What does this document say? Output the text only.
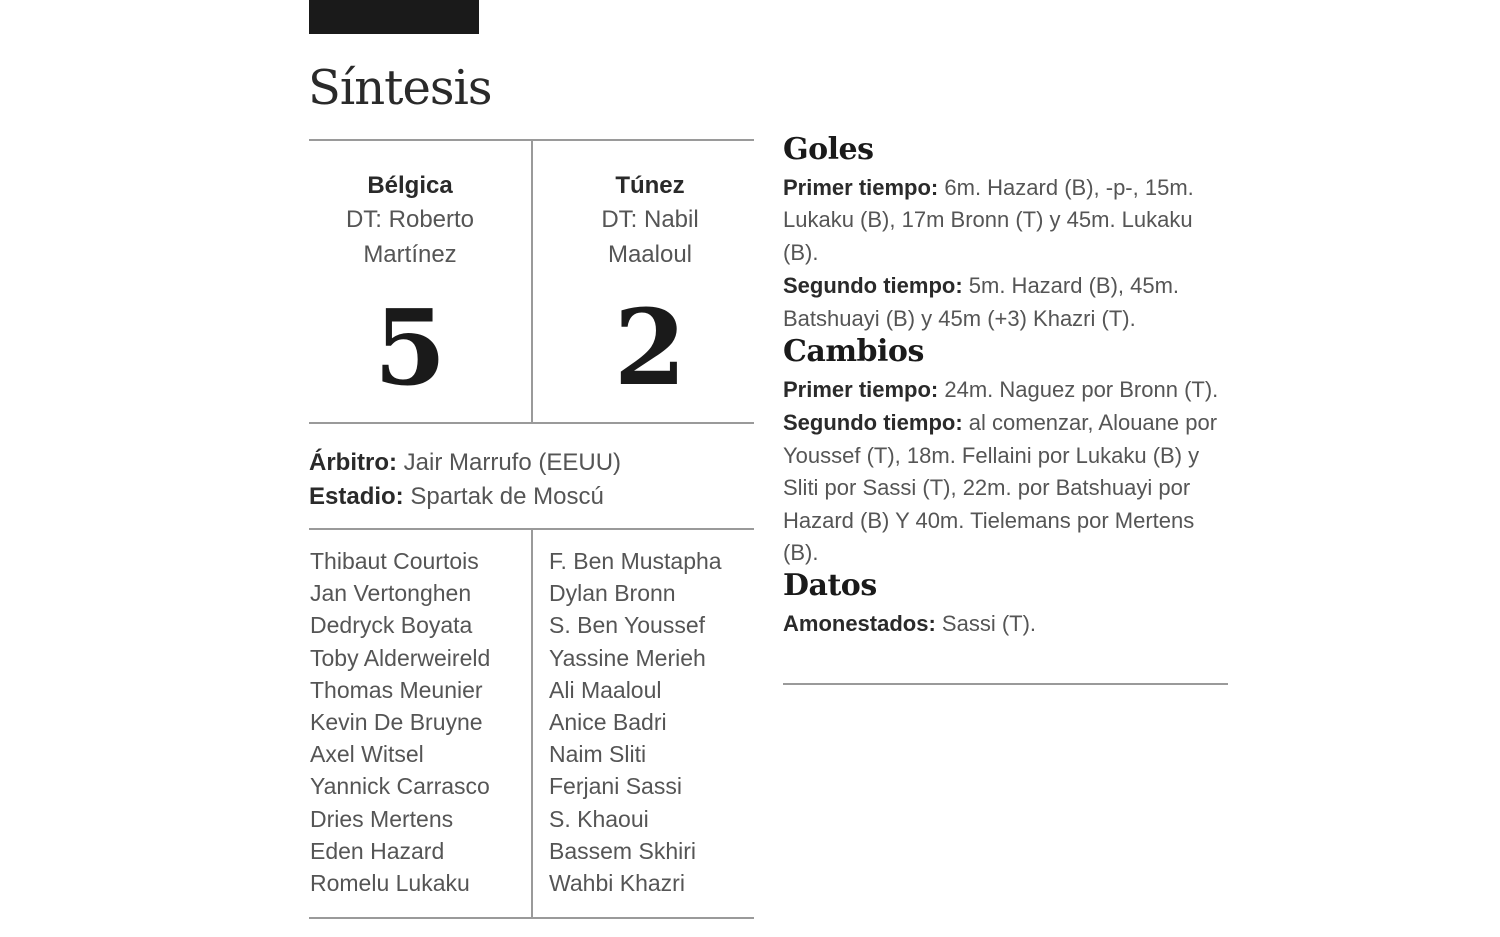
Síntesis
Bélgica
DT: Roberto
Martínez
Túnez
DT: Nabil
Maaloul
5	2
Árbitro: Jair Marrufo (EEUU)
Estadio: Spartak de Moscú
Thibaut Courtois
Jan Vertonghen
Dedryck Boyata
Toby Alderweireld
Thomas Meunier
Kevin De Bruyne
Axel Witsel
Yannick Carrasco
Dries Mertens
Eden Hazard
Romelu Lukaku
F. Ben Mustapha
Dylan Bronn
S. Ben Youssef
Yassine Merieh
Ali Maaloul
Anice Badri
Naim Sliti
Ferjani Sassi
S. Khaoui
Bassem Skhiri
Wahbi Khazri
Goles
Primer tiempo: 6m. Hazard (B), -p-, 15m. Lukaku (B), 17m Bronn (T) y 45m. Lukaku (B).
Segundo tiempo: 5m. Hazard (B), 45m. Batshuayi (B) y 45m (+3) Khazri (T).
Cambios
Primer tiempo: 24m. Naguez por Bronn (T).
Segundo tiempo: al comenzar, Alouane por Youssef (T), 18m. Fellaini por Lukaku (B) y Sliti por Sassi (T), 22m. por Batshuayi por Hazard (B) Y 40m. Tielemans por Mertens (B).
Datos
Amonestados: Sassi (T).
